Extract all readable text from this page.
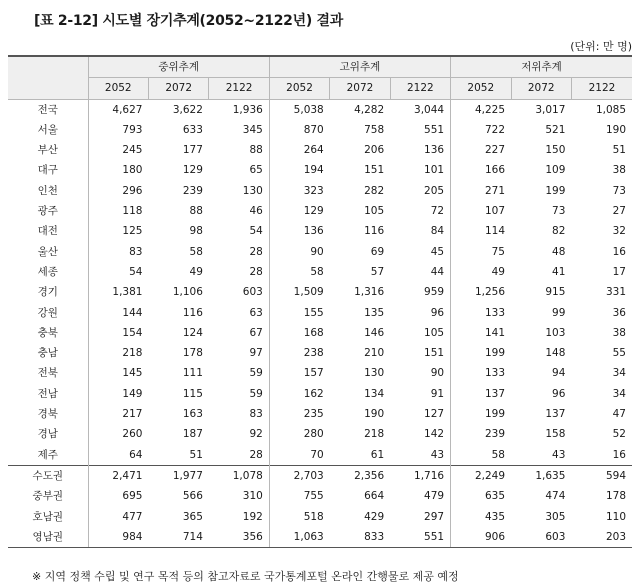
[표 2-12] 시도별 장기추계(2052~2122년) 결과
(단위: 만 명)
	중위추계			고위추계			저위추계		
	2052	2072	2122	2052	2072	2122	2052	2072	2122
전국	4,627	3,622	1,936	5,038	4,282	3,044	4,225	3,017	1,085
서울	793	633	345	870	758	551	722	521	190
부산	245	177	88	264	206	136	227	150	51
대구	180	129	65	194	151	101	166	109	38
인천	296	239	130	323	282	205	271	199	73
광주	118	88	46	129	105	72	107	73	27
대전	125	98	54	136	116	84	114	82	32
울산	83	58	28	90	69	45	75	48	16
세종	54	49	28	58	57	44	49	41	17
경기	1,381	1,106	603	1,509	1,316	959	1,256	915	331
강원	144	116	63	155	135	96	133	99	36
충북	154	124	67	168	146	105	141	103	38
충남	218	178	97	238	210	151	199	148	55
전북	145	111	59	157	130	90	133	94	34
전남	149	115	59	162	134	91	137	96	34
경북	217	163	83	235	190	127	199	137	47
경남	260	187	92	280	218	142	239	158	52
제주	64	51	28	70	61	43	58	43	16
수도권	2,471	1,977	1,078	2,703	2,356	1,716	2,249	1,635	594
중부권	695	566	310	755	664	479	635	474	178
호남권	477	365	192	518	429	297	435	305	110
영남권	984	714	356	1,063	833	551	906	603	203
※ 지역 정책 수립 및 연구 목적 등의 참고자료로 국가통계포털 온라인 간행물로 제공 예정
